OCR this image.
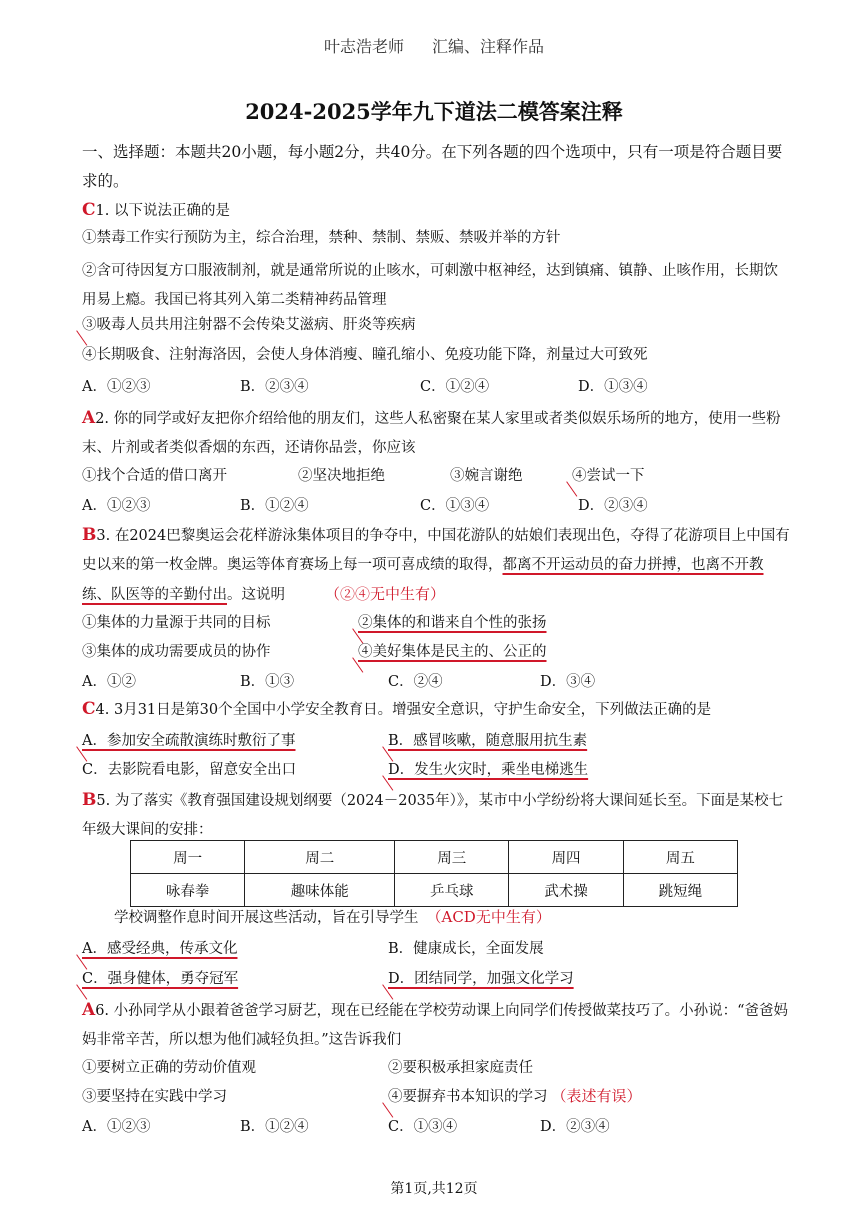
叶志浩老师 汇编、注释作品
2024-2025学年九下道法二模答案注释
一、选择题：本题共20小题，每小题2分，共40分。在下列各题的四个选项中，只有一项是符合题目要求的。
C1. 以下说法正确的是
①禁毒工作实行预防为主，综合治理，禁种、禁制、禁贩、禁吸并举的方针
②含可待因复方口服液制剂，就是通常所说的止咳水，可刺激中枢神经，达到镇痛、镇静、止咳作用，长期饮用易上瘾。我国已将其列入第二类精神药品管理
③吸毒人员共用注射器不会传染艾滋病、肝炎等疾病
④长期吸食、注射海洛因，会使人身体消瘦、瞳孔缩小、免疫功能下降，剂量过大可致死
A．①②③	B．②③④	C．①②④	D．①③④
A2. 你的同学或好友把你介绍给他的朋友们，这些人私密聚在某人家里或者类似娱乐场所的地方，使用一些粉末、片剂或者类似香烟的东西，还请你品尝，你应该
①找个合适的借口离开	②坚决地拒绝	③婉言谢绝	④尝试一下
A．①②③	B．①②④	C．①③④	D．②③④
B3. 在2024巴黎奥运会花样游泳集体项目的争夺中，中国花游队的姑娘们表现出色，夺得了花游项目上中国有史以来的第一枚金牌。奥运等体育赛场上每一项可喜成绩的取得，都离不开运动员的奋力拼搏，也离不开教练、队医等的辛勤付出。这说明	（②④无中生有）
①集体的力量源于共同的目标	②集体的和谐来自个性的张扬
③集体的成功需要成员的协作	④美好集体是民主的、公正的
A．①②	B．①③	C．②④	D．③④
C4. 3月31日是第30个全国中小学安全教育日。增强安全意识，守护生命安全，下列做法正确的是
A．参加安全疏散演练时敷衍了事	B．感冒咳嗽，随意服用抗生素
C．去影院看电影，留意安全出口	D．发生火灾时，乘坐电梯逃生
B5. 为了落实《教育强国建设规划纲要（2024－2035年）》，某市中小学纷纷将大课间延长至。下面是某校七年级大课间的安排：
周一	周二	周三	周四	周五
咏春拳	趣味体能	乒乓球	武术操	跳短绳
学校调整作息时间开展这些活动，旨在引导学生 （ACD无中生有）
A．感受经典，传承文化	B．健康成长，全面发展
C．强身健体，勇夺冠军	D．团结同学，加强文化学习
A6. 小孙同学从小跟着爸爸学习厨艺，现在已经能在学校劳动课上向同学们传授做菜技巧了。小孙说：“爸爸妈妈非常辛苦，所以想为他们减轻负担。”这告诉我们
①要树立正确的劳动价值观	②要积极承担家庭责任
③要坚持在实践中学习	④要摒弃书本知识的学习 （表述有误）
A．①②③	B．①②④	C．①③④	D．②③④
第1页,共12页
